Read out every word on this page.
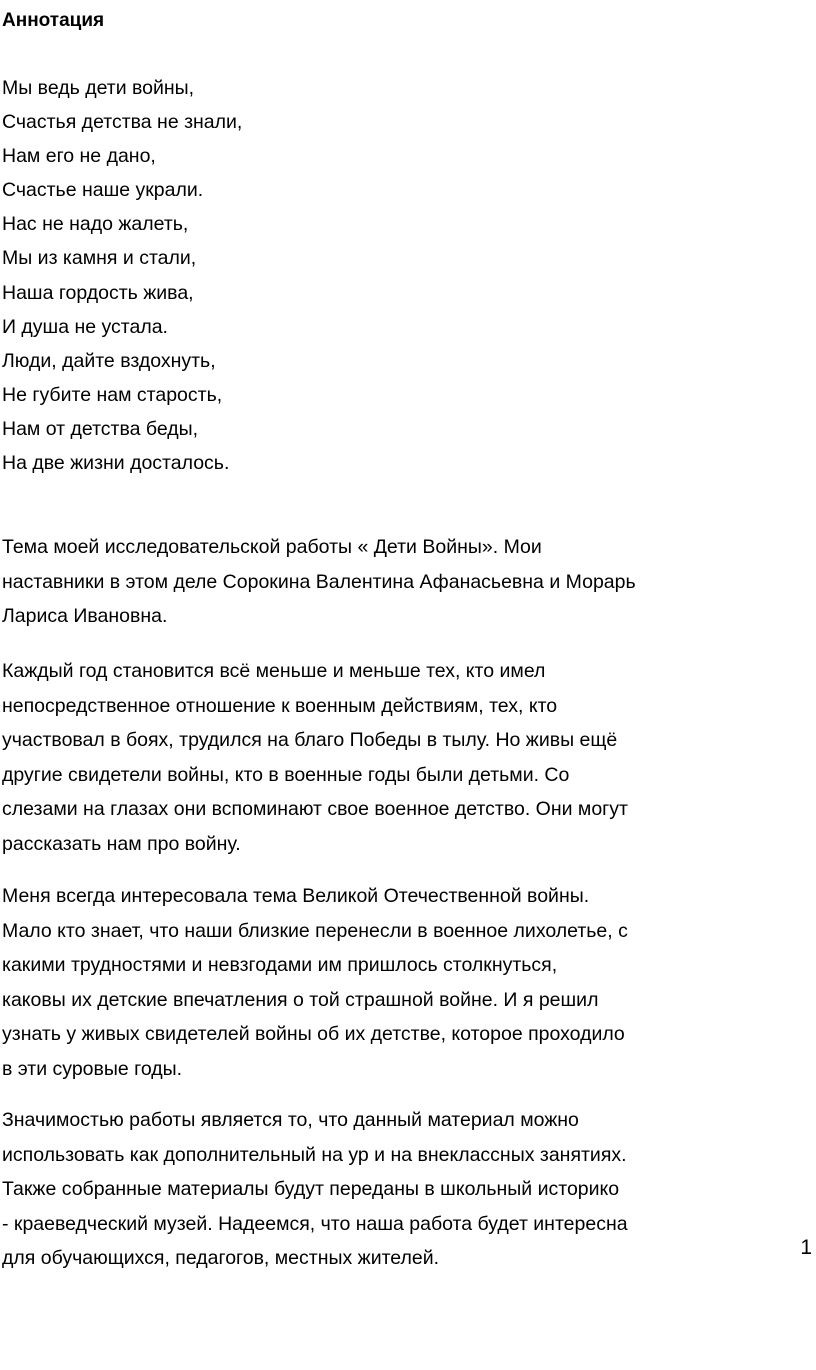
Аннотация
Мы ведь дети войны,
Счастья детства не знали,
Нам его не дано,
Счастье наше украли.
Нас не надо жалеть,
Мы из камня и стали,
Наша гордость жива,
И душа не устала.
Люди, дайте вздохнуть,
Не губите нам старость,
Нам от детства беды,
На две жизни досталось.

Тема моей исследовательской работы « Дети Войны». Мои
наставники в этом деле Сорокина Валентина Афанасьевна и Морарь
Лариса Ивановна.

Каждый год становится всё меньше и меньше тех, кто имел
непосредственное отношение к военным действиям, тех, кто
участвовал в боях, трудился на благо Победы в тылу. Но живы ещё
другие свидетели войны, кто в военные годы были детьми. Со
слезами на глазах они вспоминают свое военное детство. Они могут
рассказать нам про войну.

Меня всегда интересовала тема Великой Отечественной войны.
Мало кто знает, что наши близкие перенесли в военное лихолетье, с
какими трудностями и невзгодами им пришлось столкнуться,
каковы их детские впечатления о той страшной войне. И я решил
узнать у живых свидетелей войны об их детстве, которое проходило
в эти суровые годы.

Значимостью работы является то, что данный материал можно
использовать как дополнительный на ур и на внеклассных занятиях.
Также собранные материалы будут переданы в школьный историко
- краеведческий музей. Надеемся, что наша работа будет интересна
для обучающихся, педагогов, местных жителей.	1
